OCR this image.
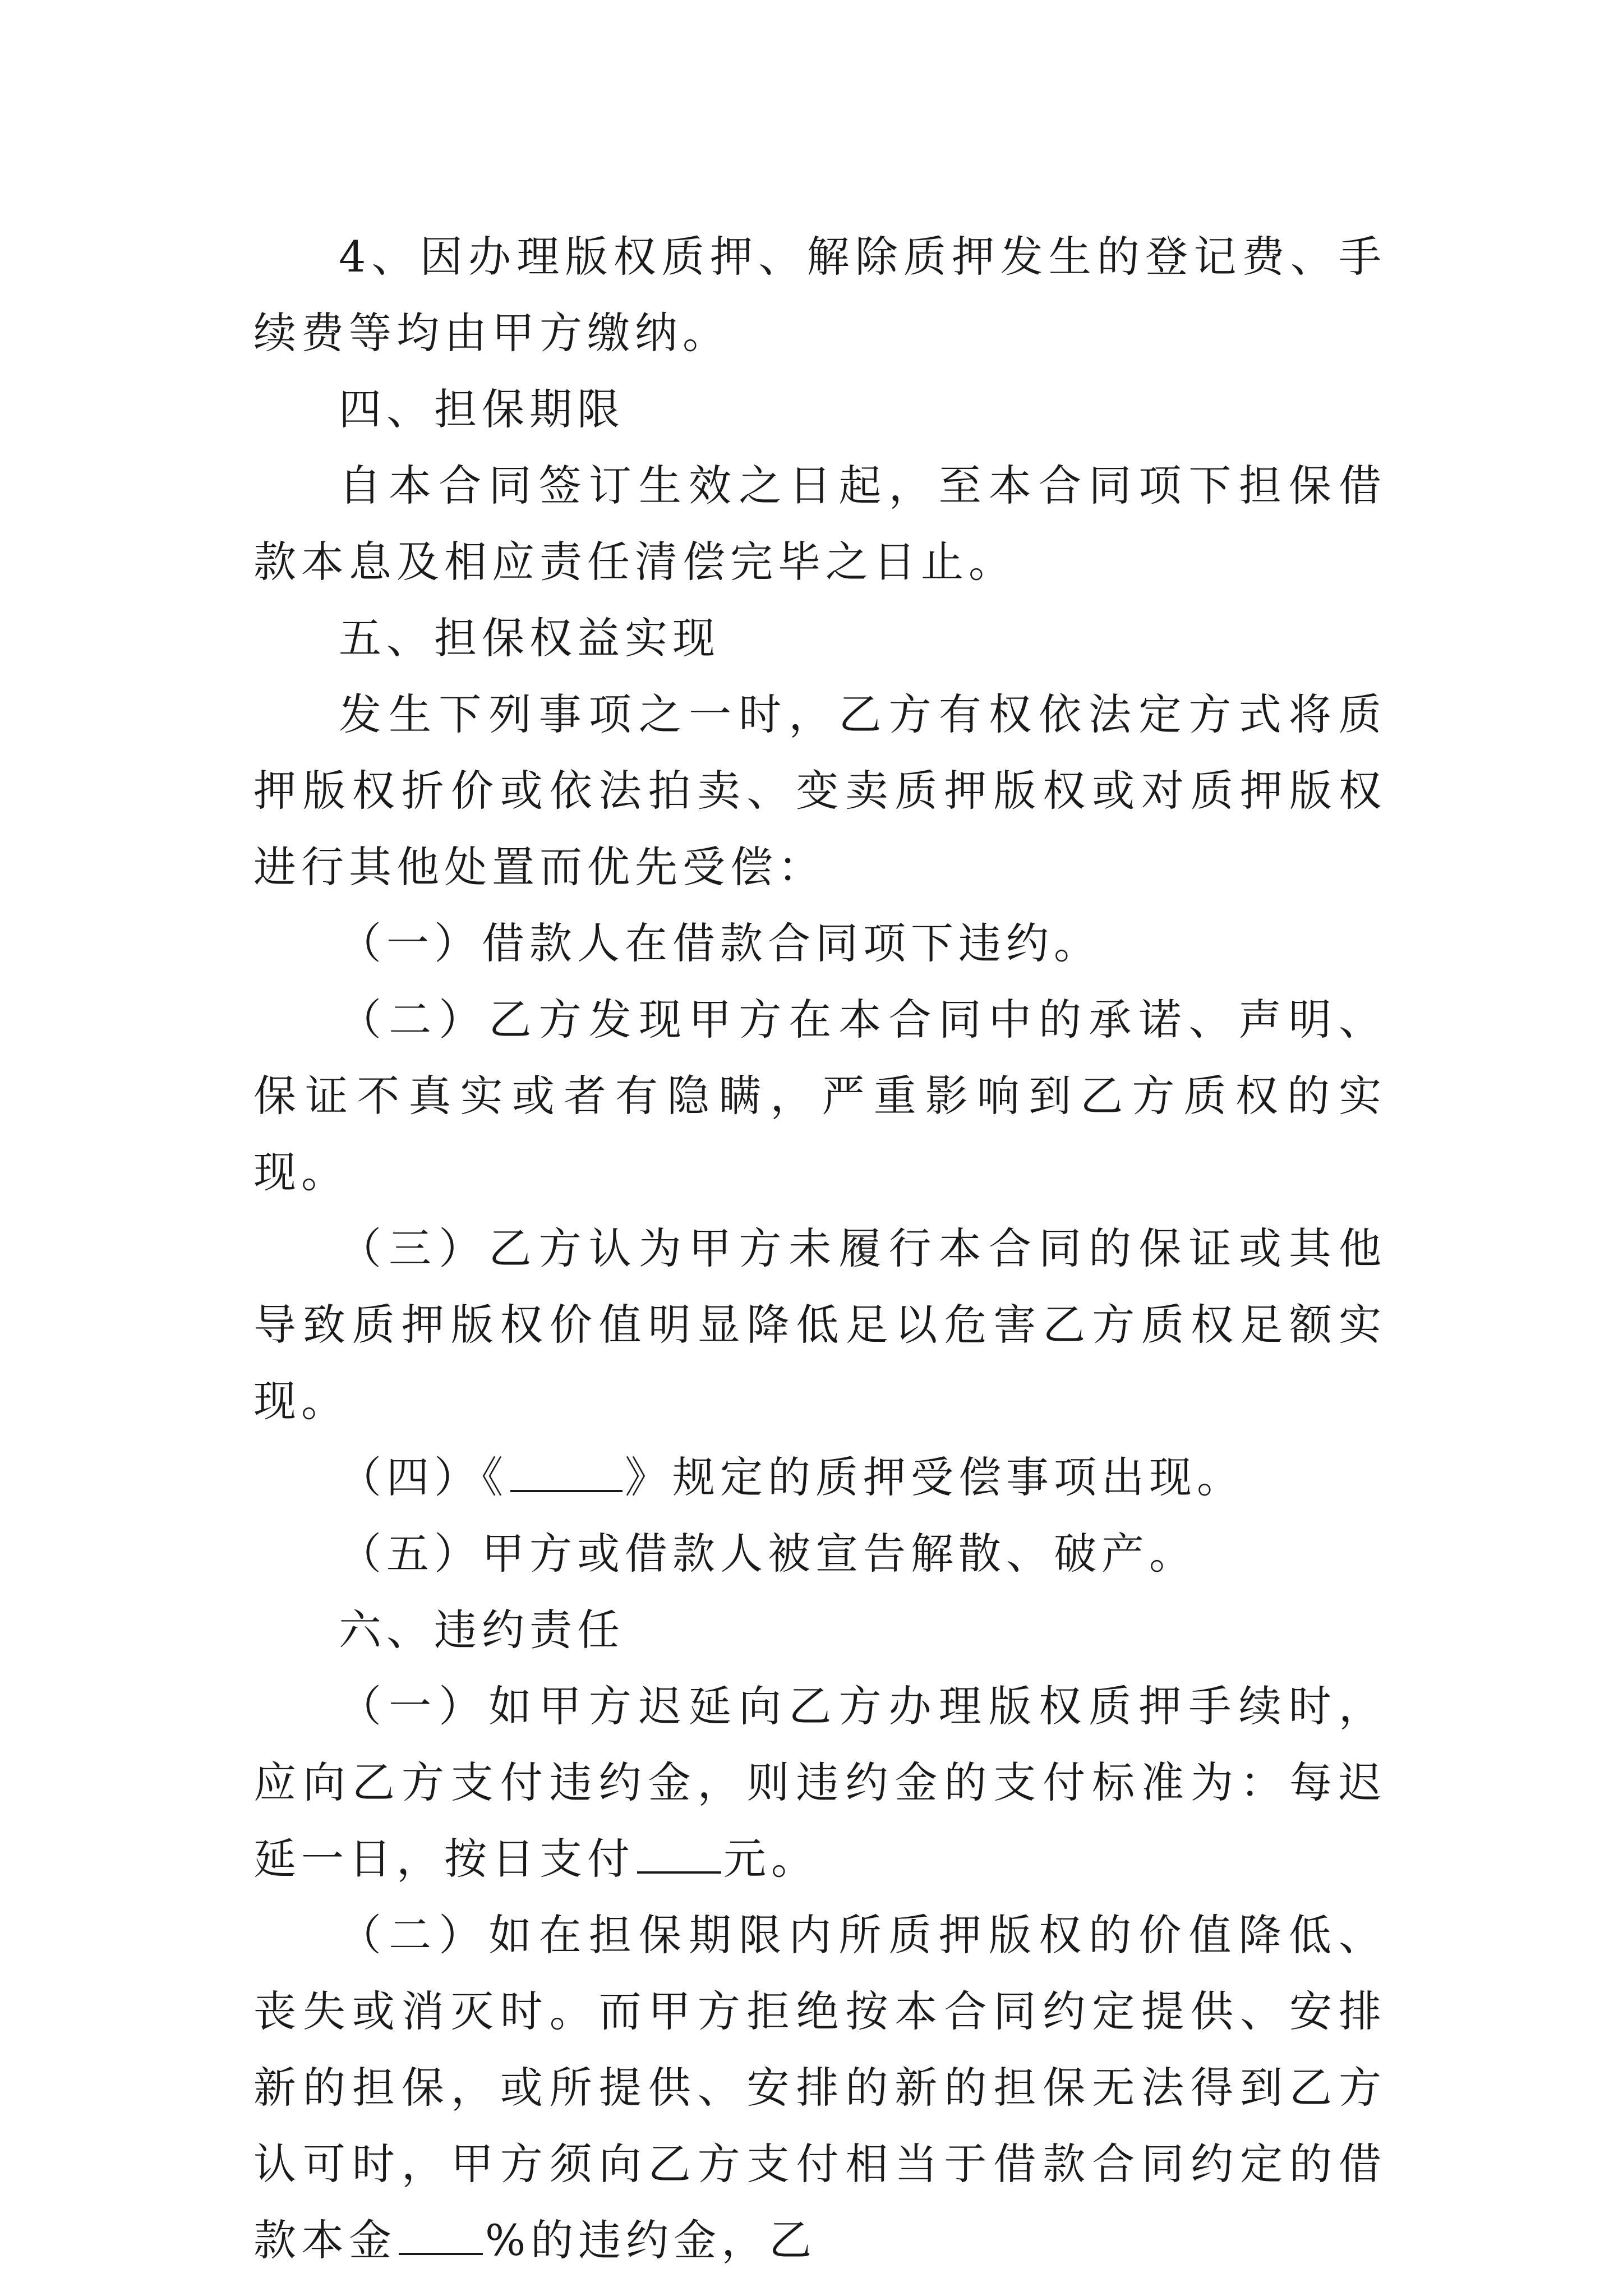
4、因办理版权质押、解除质押发生的登记费、手续费等均由甲方缴纳。

四、担保期限

自本合同签订生效之日起，至本合同项下担保借款本息及相应责任清偿完毕之日止。

五、担保权益实现

发生下列事项之一时，乙方有权依法定方式将质押版权折价或依法拍卖、变卖质押版权或对质押版权进行其他处置而优先受偿：

（一）借款人在借款合同项下违约。

（二）乙方发现甲方在本合同中的承诺、声明、保证不真实或者有隐瞒，严重影响到乙方质权的实现。

（三）乙方认为甲方未履行本合同的保证或其他导致质押版权价值明显降低足以危害乙方质权足额实现。

（四）《	》规定的质押受偿事项出现。

（五）甲方或借款人被宣告解散、破产。

六、违约责任

（一）如甲方迟延向乙方办理版权质押手续时，应向乙方支付违约金，则违约金的支付标准为：每迟延一日，按日支付 元。

（二）如在担保期限内所质押版权的价值降低、丧失或消灭时。而甲方拒绝按本合同约定提供、安排新的担保，或所提供、安排的新的担保无法得到乙方认可时，甲方须向乙方支付相当于借款合同约定的借款本金 %的违约金，乙
